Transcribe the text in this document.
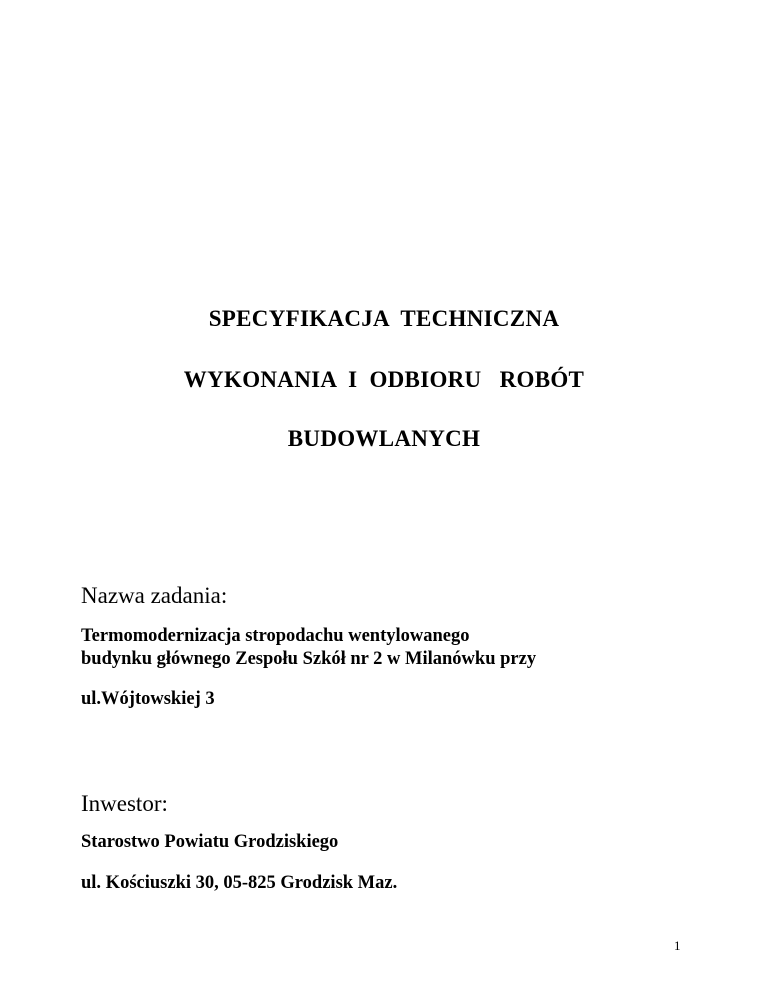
SPECYFIKACJA  TECHNICZNA
WYKONANIA  I  ODBIORU   ROBÓT
BUDOWLANYCH
Nazwa zadania:
Termomodernizacja stropodachu wentylowanego
budynku głównego Zespołu Szkół nr 2 w Milanówku przy
ul.Wójtowskiej 3
Inwestor:
Starostwo Powiatu Grodziskiego
ul. Kościuszki 30, 05-825 Grodzisk Maz.
1
